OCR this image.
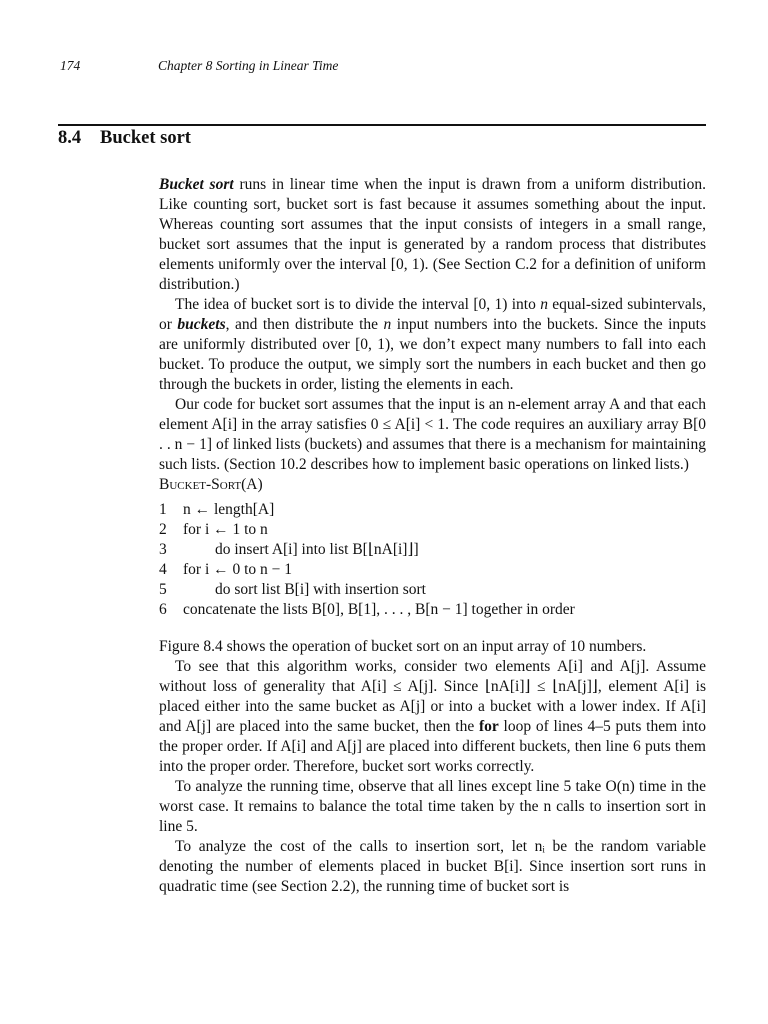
174	Chapter 8 Sorting in Linear Time
8.4 Bucket sort

Bucket sort runs in linear time when the input is drawn from a uniform distribution. Like counting sort, bucket sort is fast because it assumes something about the input. Whereas counting sort assumes that the input consists of integers in a small range, bucket sort assumes that the input is generated by a random process that distributes elements uniformly over the interval [0, 1). (See Section C.2 for a definition of uniform distribution.)

The idea of bucket sort is to divide the interval [0, 1) into n equal-sized subintervals, or buckets, and then distribute the n input numbers into the buckets. Since the inputs are uniformly distributed over [0, 1), we don’t expect many numbers to fall into each bucket. To produce the output, we simply sort the numbers in each bucket and then go through the buckets in order, listing the elements in each.

Our code for bucket sort assumes that the input is an n-element array A and that each element A[i] in the array satisfies 0 ≤ A[i] < 1. The code requires an auxiliary array B[0 . . n − 1] of linked lists (buckets) and assumes that there is a mechanism for maintaining such lists. (Section 10.2 describes how to implement basic operations on linked lists.)

Bucket-Sort(A)

1	n ← length[A]
2	for i ← 1 to n
3	do insert A[i] into list B[⌊nA[i]⌋]
4	for i ← 0 to n − 1
5	do sort list B[i] with insertion sort
6	concatenate the lists B[0], B[1], . . . , B[n − 1] together in order

Figure 8.4 shows the operation of bucket sort on an input array of 10 numbers.

To see that this algorithm works, consider two elements A[i] and A[j]. Assume without loss of generality that A[i] ≤ A[j]. Since ⌊nA[i]⌋ ≤ ⌊nA[j]⌋, element A[i] is placed either into the same bucket as A[j] or into a bucket with a lower index. If A[i] and A[j] are placed into the same bucket, then the for loop of lines 4–5 puts them into the proper order. If A[i] and A[j] are placed into different buckets, then line 6 puts them into the proper order. Therefore, bucket sort works correctly.

To analyze the running time, observe that all lines except line 5 take O(n) time in the worst case. It remains to balance the total time taken by the n calls to insertion sort in line 5.

To analyze the cost of the calls to insertion sort, let nᵢ be the random variable denoting the number of elements placed in bucket B[i]. Since insertion sort runs in quadratic time (see Section 2.2), the running time of bucket sort is
